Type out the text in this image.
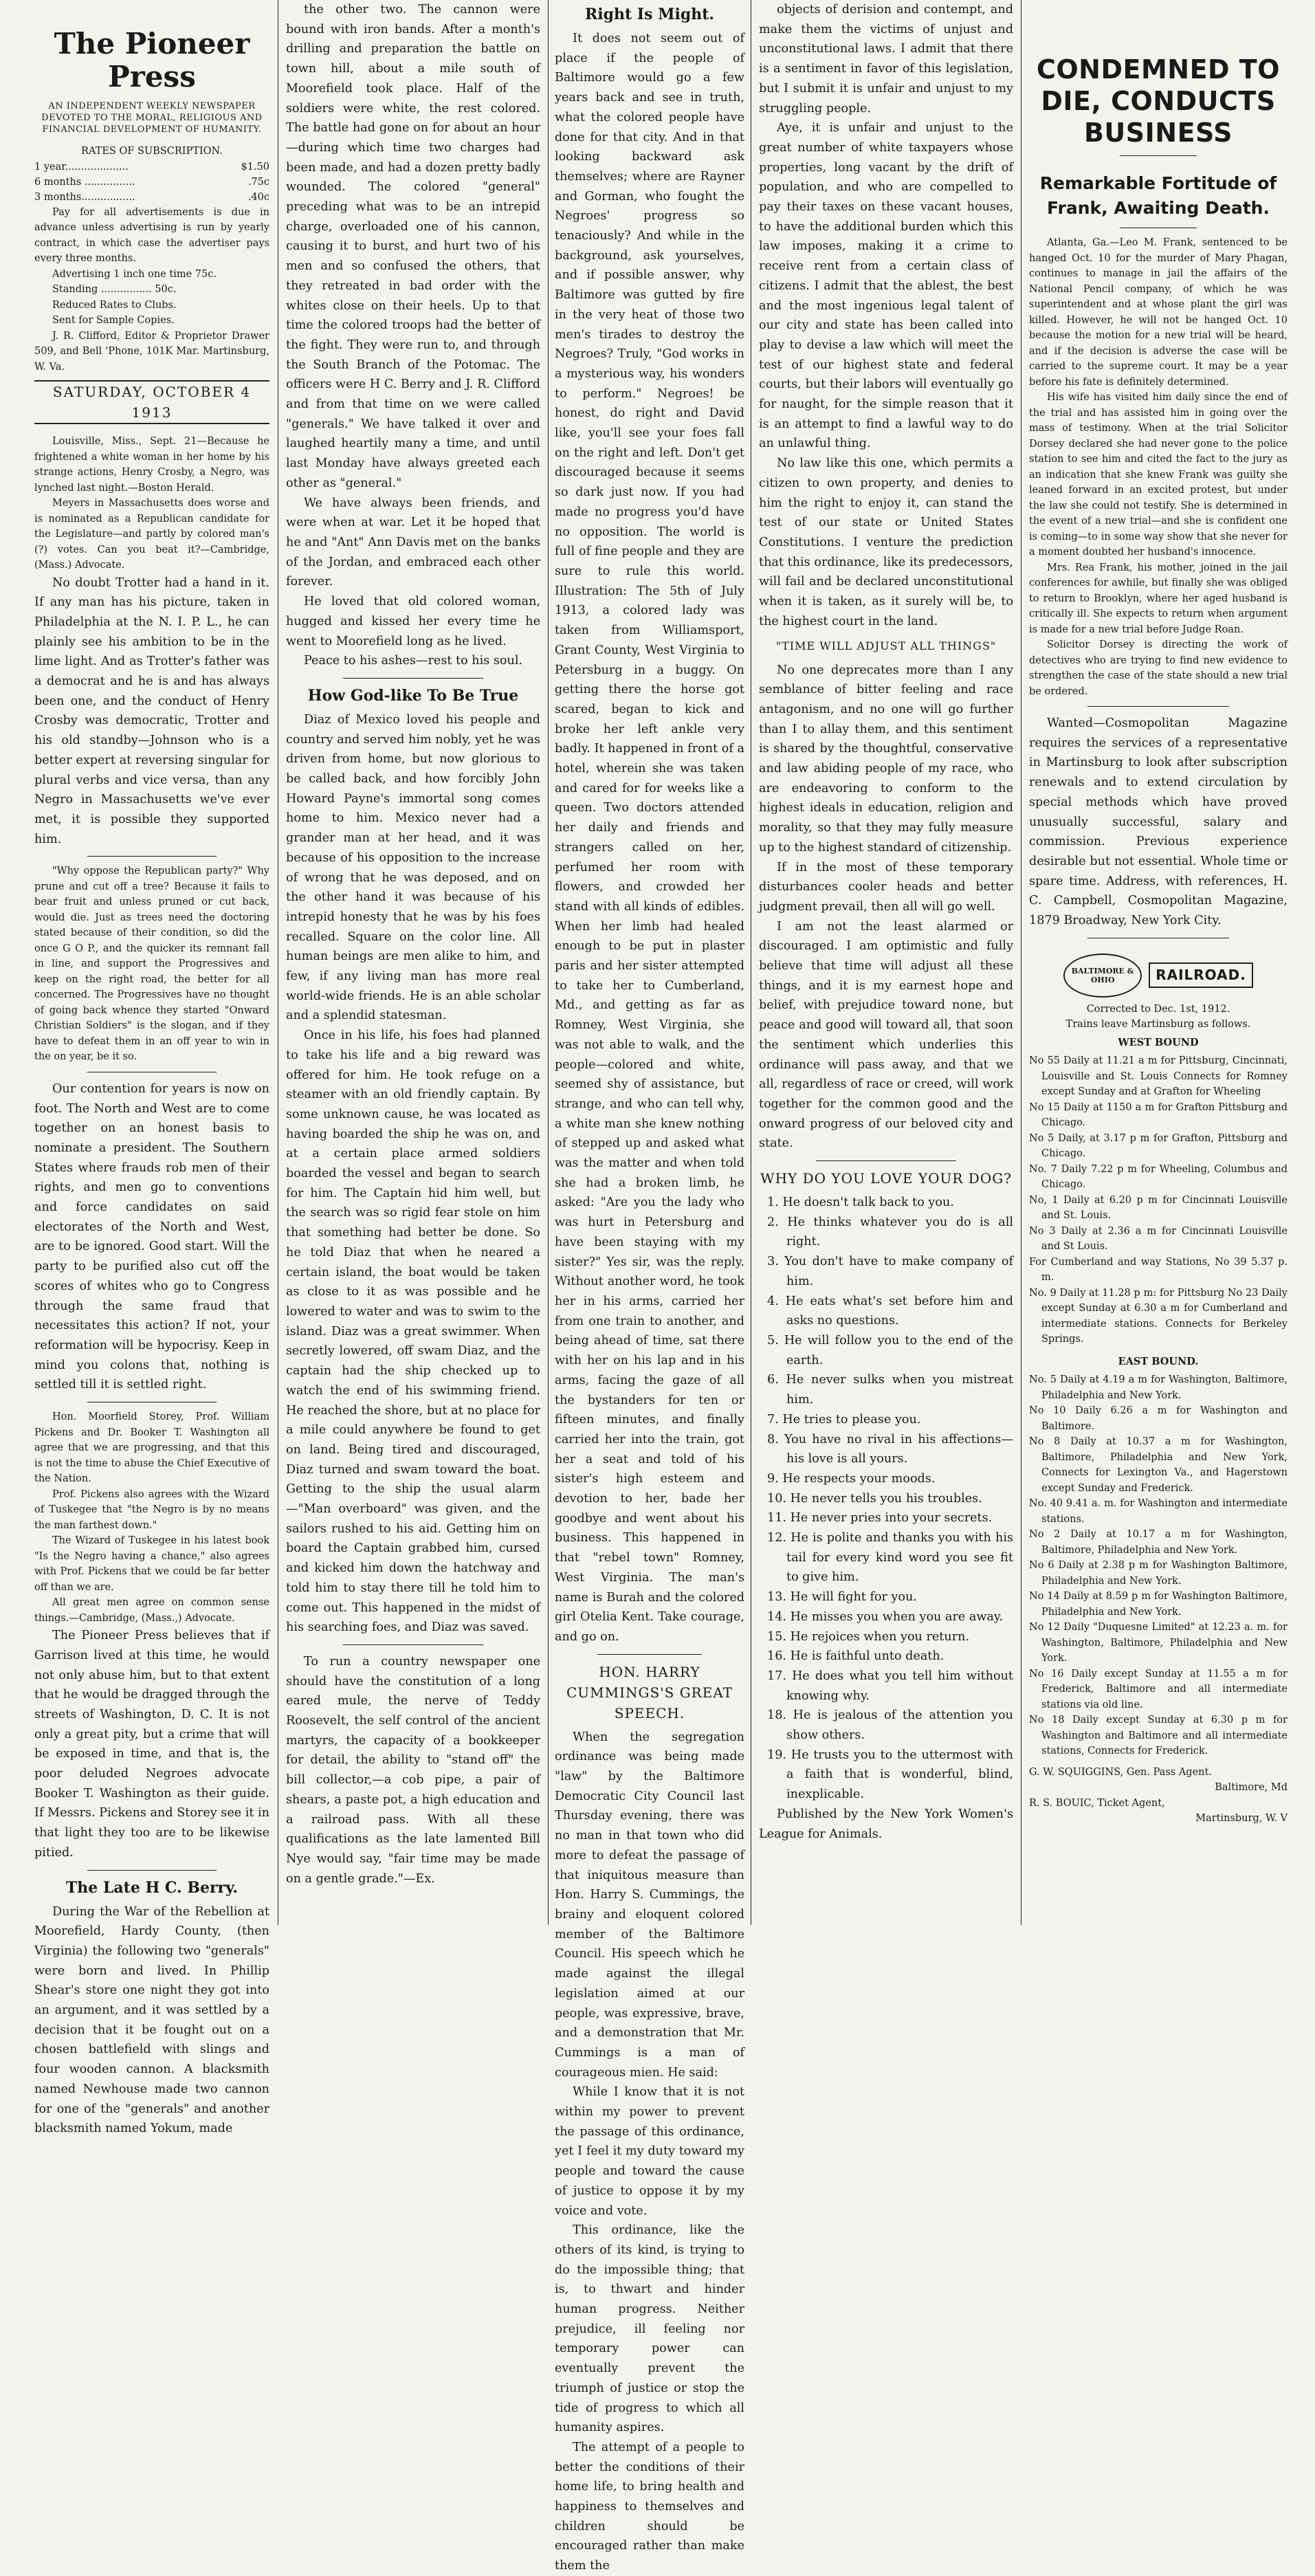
The Pioneer Press
AN INDEPENDENT WEEKLY NEWSPAPER DEVOTED TO THE MORAL, RELIGIOUS AND FINANCIAL DEVELOPMENT OF HUMANITY.
RATES OF SUBSCRIPTION.
1 year....................	$1.50
6 months ................	.75c
3 months.................	.40c

Pay for all advertisements is due in advance unless advertising is run by yearly contract, in which case the advertiser pays every three months.

Advertising 1 inch one time 75c.

Standing ................ 50c.

Reduced Rates to Clubs.

Sent for Sample Copies.

J. R. Clifford, Editor & Proprietor Drawer 509, and Bell 'Phone, 101K Mar. Martinsburg, W. Va.

SATURDAY, OCTOBER 4 1913

Louisville, Miss., Sept. 21—Because he frightened a white woman in her home by his strange actions, Henry Crosby, a Negro, was lynched last night.—Boston Herald.

Meyers in Massachusetts does worse and is nominated as a Republican candidate for the Legislature—and partly by colored man's (?) votes. Can you beat it?—Cambridge, (Mass.) Advocate.

No doubt Trotter had a hand in it. If any man has his picture, taken in Philadelphia at the N. I. P. L., he can plainly see his ambition to be in the lime light. And as Trotter's father was a democrat and he is and has always been one, and the conduct of Henry Crosby was democratic, Trotter and his old standby—Johnson who is a better expert at reversing singular for plural verbs and vice versa, than any Negro in Massachusetts we've ever met, it is possible they supported him.

"Why oppose the Republican party?" Why prune and cut off a tree? Because it fails to bear fruit and unless pruned or cut back, would die. Just as trees need the doctoring stated because of their condition, so did the once G O P., and the quicker its remnant fall in line, and support the Progressives and keep on the right road, the better for all concerned. The Progressives have no thought of going back whence they started "Onward Christian Soldiers" is the slogan, and if they have to defeat them in an off year to win in the on year, be it so.

Our contention for years is now on foot. The North and West are to come together on an honest basis to nominate a president. The Southern States where frauds rob men of their rights, and men go to conventions and force candidates on said electorates of the North and West, are to be ignored. Good start. Will the party to be purified also cut off the scores of whites who go to Congress through the same fraud that necessitates this action? If not, your reformation will be hypocrisy. Keep in mind you colons that, nothing is settled till it is settled right.

Hon. Moorfield Storey, Prof. William Pickens and Dr. Booker T. Washington all agree that we are progressing, and that this is not the time to abuse the Chief Executive of the Nation.

Prof. Pickens also agrees with the Wizard of Tuskegee that "the Negro is by no means the man farthest down."

The Wizard of Tuskegee in his latest book "Is the Negro having a chance," also agrees with Prof. Pickens that we could be far better off than we are.

All great men agree on common sense things.—Cambridge, (Mass.,) Advocate.

The Pioneer Press believes that if Garrison lived at this time, he would not only abuse him, but to that extent that he would be dragged through the streets of Washington, D. C. It is not only a great pity, but a crime that will be exposed in time, and that is, the poor deluded Negroes advocate Booker T. Washington as their guide. If Messrs. Pickens and Storey see it in that light they too are to be likewise pitied.

The Late H C. Berry.

During the War of the Rebellion at Moorefield, Hardy County, (then Virginia) the following two "generals" were born and lived. In Phillip Shear's store one night they got into an argument, and it was settled by a decision that it be fought out on a chosen battlefield with slings and four wooden cannon. A blacksmith named Newhouse made two cannon for one of the "generals" and another blacksmith named Yokum, made

the other two. The cannon were bound with iron bands. After a month's drilling and preparation the battle on town hill, about a mile south of Moorefield took place. Half of the soldiers were white, the rest colored. The battle had gone on for about an hour—during which time two charges had been made, and had a dozen pretty badly wounded. The colored "general" preceding what was to be an intrepid charge, overloaded one of his cannon, causing it to burst, and hurt two of his men and so confused the others, that they retreated in bad order with the whites close on their heels. Up to that time the colored troops had the better of the fight. They were run to, and through the South Branch of the Potomac. The officers were H C. Berry and J. R. Clifford and from that time on we were called "generals." We have talked it over and laughed heartily many a time, and until last Monday have always greeted each other as "general."

We have always been friends, and were when at war. Let it be hoped that he and "Ant" Ann Davis met on the banks of the Jordan, and embraced each other forever.

He loved that old colored woman, hugged and kissed her every time he went to Moorefield long as he lived.

Peace to his ashes—rest to his soul.

How God-like To Be True

Diaz of Mexico loved his people and country and served him nobly, yet he was driven from home, but now glorious to be called back, and how forcibly John Howard Payne's immortal song comes home to him. Mexico never had a grander man at her head, and it was because of his opposition to the increase of wrong that he was deposed, and on the other hand it was because of his intrepid honesty that he was by his foes recalled. Square on the color line. All human beings are men alike to him, and few, if any living man has more real world-wide friends. He is an able scholar and a splendid statesman.

Once in his life, his foes had planned to take his life and a big reward was offered for him. He took refuge on a steamer with an old friendly captain. By some unknown cause, he was located as having boarded the ship he was on, and at a certain place armed soldiers boarded the vessel and began to search for him. The Captain hid him well, but the search was so rigid fear stole on him that something had better be done. So he told Diaz that when he neared a certain island, the boat would be taken as close to it as was possible and he lowered to water and was to swim to the island. Diaz was a great swimmer. When secretly lowered, off swam Diaz, and the captain had the ship checked up to watch the end of his swimming friend. He reached the shore, but at no place for a mile could anywhere be found to get on land. Being tired and discouraged, Diaz turned and swam toward the boat. Getting to the ship the usual alarm—"Man overboard" was given, and the sailors rushed to his aid. Getting him on board the Captain grabbed him, cursed and kicked him down the hatchway and told him to stay there till he told him to come out. This happened in the midst of his searching foes, and Diaz was saved.

To run a country newspaper one should have the constitution of a long eared mule, the nerve of Teddy Roosevelt, the self control of the ancient martyrs, the capacity of a bookkeeper for detail, the ability to "stand off" the bill collector,—a cob pipe, a pair of shears, a paste pot, a high education and a railroad pass. With all these qualifications as the late lamented Bill Nye would say, "fair time may be made on a gentle grade."—Ex.

Right Is Might.

It does not seem out of place if the people of Baltimore would go a few years back and see in truth, what the colored people have done for that city. And in that looking backward ask themselves; where are Rayner and Gorman, who fought the Negroes' progress so tenaciously? And while in the background, ask yourselves, and if possible answer, why Baltimore was gutted by fire in the very heat of those two men's tirades to destroy the Negroes? Truly, "God works in a mysterious way, his wonders to perform." Negroes! be honest, do right and David like, you'll see your foes fall on the right and left. Don't get discouraged because it seems so dark just now. If you had made no progress you'd have no opposition. The world is full of fine people and they are sure to rule this world. Illustration: The 5th of July 1913, a colored lady was taken from Williamsport, Grant County, West Virginia to Petersburg in a buggy. On getting there the horse got scared, began to kick and broke her left ankle very badly. It happened in front of a hotel, wherein she was taken and cared for for weeks like a queen. Two doctors attended her daily and friends and strangers called on her, perfumed her room with flowers, and crowded her stand with all kinds of edibles. When her limb had healed enough to be put in plaster paris and her sister attempted to take her to Cumberland, Md., and getting as far as Romney, West Virginia, she was not able to walk, and the people—colored and white, seemed shy of assistance, but strange, and who can tell why, a white man she knew nothing of stepped up and asked what was the matter and when told she had a broken limb, he asked: "Are you the lady who was hurt in Petersburg and have been staying with my sister?" Yes sir, was the reply. Without another word, he took her in his arms, carried her from one train to another, and being ahead of time, sat there with her on his lap and in his arms, facing the gaze of all the bystanders for ten or fifteen minutes, and finally carried her into the train, got her a seat and told of his sister's high esteem and devotion to her, bade her goodbye and went about his business. This happened in that "rebel town" Romney, West Virginia. The man's name is Burah and the colored girl Otelia Kent. Take courage, and go on.

HON. HARRY CUMMINGS'S GREAT SPEECH.

When the segregation ordinance was being made "law" by the Baltimore Democratic City Council last Thursday evening, there was no man in that town who did more to defeat the passage of that iniquitous measure than Hon. Harry S. Cummings, the brainy and eloquent colored member of the Baltimore Council. His speech which he made against the illegal legislation aimed at our people, was expressive, brave, and a demonstration that Mr. Cummings is a man of courageous mien. He said:

While I know that it is not within my power to prevent the passage of this ordinance, yet I feel it my duty toward my people and toward the cause of justice to oppose it by my voice and vote.

This ordinance, like the others of its kind, is trying to do the impossible thing; that is, to thwart and hinder human progress. Neither prejudice, ill feeling nor temporary power can eventually prevent the triumph of justice or stop the tide of progress to which all humanity aspires.

The attempt of a people to better the conditions of their home life, to bring health and happiness to themselves and children should be encouraged rather than make them the

objects of derision and contempt, and make them the victims of unjust and unconstitutional laws. I admit that there is a sentiment in favor of this legislation, but I submit it is unfair and unjust to my struggling people.

Aye, it is unfair and unjust to the great number of white taxpayers whose properties, long vacant by the drift of population, and who are compelled to pay their taxes on these vacant houses, to have the additional burden which this law imposes, making it a crime to receive rent from a certain class of citizens. I admit that the ablest, the best and the most ingenious legal talent of our city and state has been called into play to devise a law which will meet the test of our highest state and federal courts, but their labors will eventually go for naught, for the simple reason that it is an attempt to find a lawful way to do an unlawful thing.

No law like this one, which permits a citizen to own property, and denies to him the right to enjoy it, can stand the test of our state or United States Constitutions. I venture the prediction that this ordinance, like its predecessors, will fail and be declared unconstitutional when it is taken, as it surely will be, to the highest court in the land.

"TIME WILL ADJUST ALL THINGS"

No one deprecates more than I any semblance of bitter feeling and race antagonism, and no one will go further than I to allay them, and this sentiment is shared by the thoughtful, conservative and law abiding people of my race, who are endeavoring to conform to the highest ideals in education, religion and morality, so that they may fully measure up to the highest standard of citizenship.

If in the most of these temporary disturbances cooler heads and better judgment prevail, then all will go well.

I am not the least alarmed or discouraged. I am optimistic and fully believe that time will adjust all these things, and it is my earnest hope and belief, with prejudice toward none, but peace and good will toward all, that soon the sentiment which underlies this ordinance will pass away, and that we all, regardless of race or creed, will work together for the common good and the onward progress of our beloved city and state.

WHY DO YOU LOVE YOUR DOG?

1. He doesn't talk back to you.

2. He thinks whatever you do is all right.

3. You don't have to make company of him.

4. He eats what's set before him and asks no questions.

5. He will follow you to the end of the earth.

6. He never sulks when you mistreat him.

7. He tries to please you.

8. You have no rival in his affections—his love is all yours.

9. He respects your moods.

10. He never tells you his troubles.

11. He never pries into your secrets.

12. He is polite and thanks you with his tail for every kind word you see fit to give him.

13. He will fight for you.

14. He misses you when you are away.

15. He rejoices when you return.

16. He is faithful unto death.

17. He does what you tell him without knowing why.

18. He is jealous of the attention you show others.

19. He trusts you to the uttermost with a faith that is wonderful, blind, inexplicable.

Published by the New York Women's League for Animals.

CONDEMNED TO DIE, CONDUCTS BUSINESS
Remarkable Fortitude of Frank, Awaiting Death.

Atlanta, Ga.—Leo M. Frank, sentenced to be hanged Oct. 10 for the murder of Mary Phagan, continues to manage in jail the affairs of the National Pencil company, of which he was superintendent and at whose plant the girl was killed. However, he will not be hanged Oct. 10 because the motion for a new trial will be heard, and if the decision is adverse the case will be carried to the supreme court. It may be a year before his fate is definitely determined.

His wife has visited him daily since the end of the trial and has assisted him in going over the mass of testimony. When at the trial Solicitor Dorsey declared she had never gone to the police station to see him and cited the fact to the jury as an indication that she knew Frank was guilty she leaned forward in an excited protest, but under the law she could not testify. She is determined in the event of a new trial—and she is confident one is coming—to in some way show that she never for a moment doubted her husband's innocence.

Mrs. Rea Frank, his mother, joined in the jail conferences for awhile, but finally she was obliged to return to Brooklyn, where her aged husband is critically ill. She expects to return when argument is made for a new trial before Judge Roan.

Solicitor Dorsey is directing the work of detectives who are trying to find new evidence to strengthen the case of the state should a new trial be ordered.

Wanted—Cosmopolitan Magazine requires the services of a representative in Martinsburg to look after subscription renewals and to extend circulation by special methods which have proved unusually successful, salary and commission. Previous experience desirable but not essential. Whole time or spare time. Address, with references, H. C. Campbell, Cosmopolitan Magazine, 1879 Broadway, New York City.

BALTIMORE & OHIO	RAILROAD.
Corrected to Dec. 1st, 1912.
Trains leave Martinsburg as follows.
WEST BOUND

No 55 Daily at 11.21 a m for Pittsburg, Cincinnati, Louisville and St. Louis Connects for Romney except Sunday and at Grafton for Wheeling

No 15 Daily at 1150 a m for Grafton Pittsburg and Chicago.

No 5 Daily, at 3.17 p m for Grafton, Pittsburg and Chicago.

No. 7 Daily 7.22 p m for Wheeling, Columbus and Chicago.

No, 1 Daily at 6.20 p m for Cincinnati Louisville and St. Louis.

No 3 Daily at 2.36 a m for Cincinnati Louisville and St Louis.

For Cumberland and way Stations, No 39 5.37 p. m.

No. 9 Daily at 11.28 p m: for Pittsburg No 23 Daily except Sunday at 6.30 a m for Cumberland and intermediate stations. Connects for Berkeley Springs.

EAST BOUND.

No. 5 Daily at 4.19 a m for Washington, Baltimore, Philadelphia and New York.

No 10 Daily 6.26 a m for Washington and Baltimore.

No 8 Daily at 10.37 a m for Washington, Baltimore, Philadelphia and New York, Connects for Lexington Va., and Hagerstown except Sunday and Frederick.

No. 40 9.41 a. m. for Washington and intermediate stations.

No 2 Daily at 10.17 a m for Washington, Baltimore, Philadelphia and New York.

No 6 Daily at 2.38 p m for Washington Baltimore, Philadelphia and New York.

No 14 Daily at 8.59 p m for Washington Baltimore, Philadelphia and New York.

No 12 Daily "Duquesne Limited" at 12.23 a. m. for Washington, Baltimore, Philadelphia and New York.

No 16 Daily except Sunday at 11.55 a m for Frederick, Baltimore and all intermediate stations via old line.

No 18 Daily except Sunday at 6.30 p m for Washington and Baltimore and all intermediate stations, Connects for Frederick.

G. W. SQUIGGINS, Gen. Pass Agent.

Baltimore, Md

R. S. BOUIC, Ticket Agent,

Martinsburg, W. V
